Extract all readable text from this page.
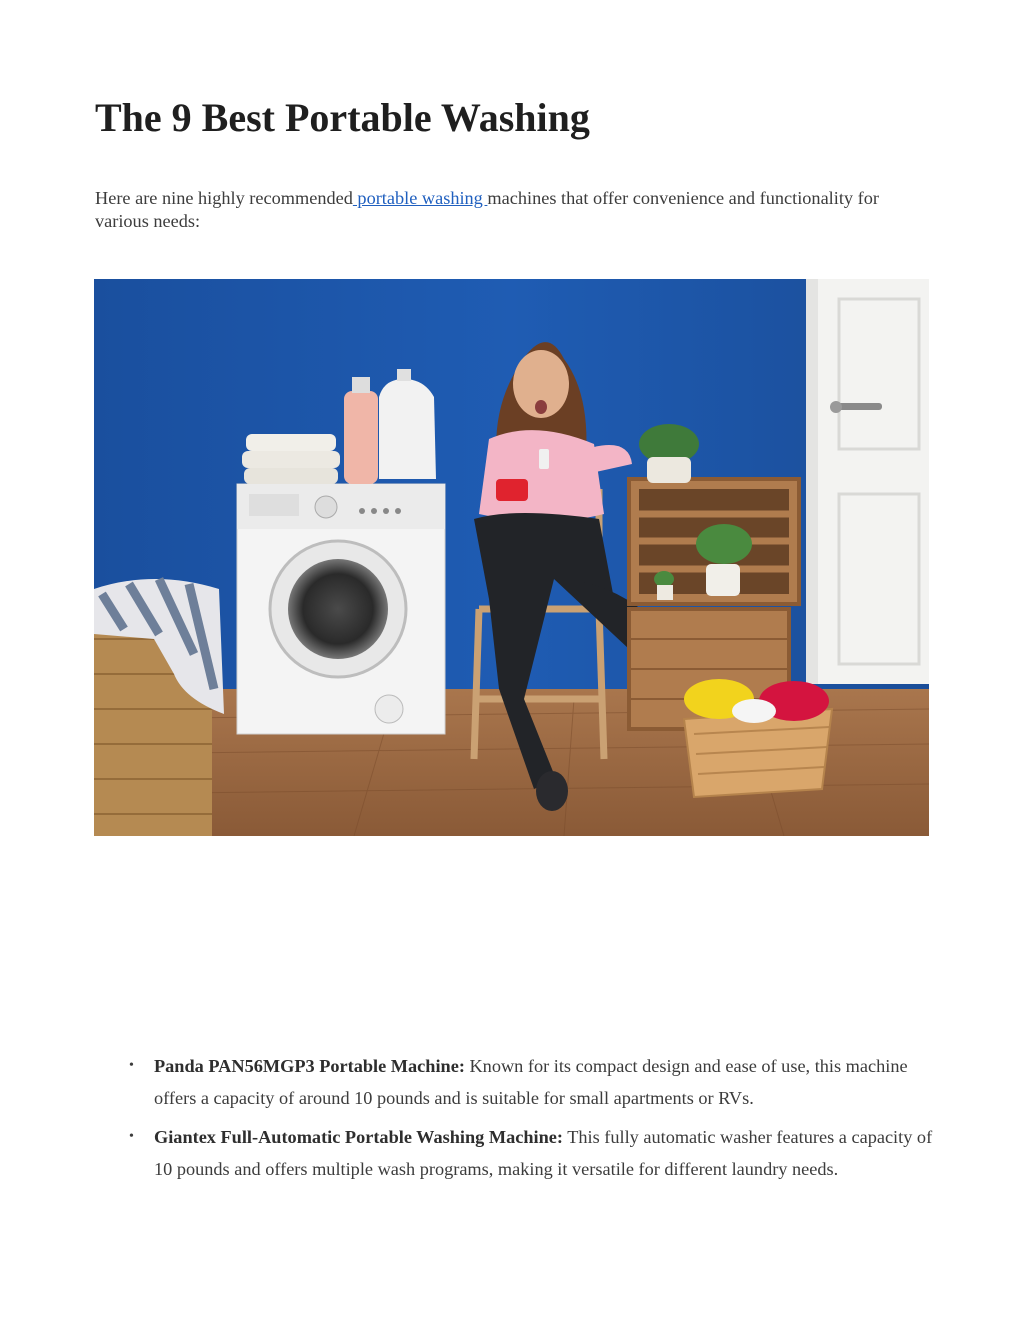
The 9 Best Portable Washing

Here are nine highly recommended portable washing machines that offer convenience and functionality for various needs:

• Panda PAN56MGP3 Portable Machine: Known for its compact design and ease of use, this machine offers a capacity of around 10 pounds and is suitable for small apartments or RVs.
• Giantex Full-Automatic Portable Washing Machine: This fully automatic washer features a capacity of 10 pounds and offers multiple wash programs, making it versatile for different laundry needs.
